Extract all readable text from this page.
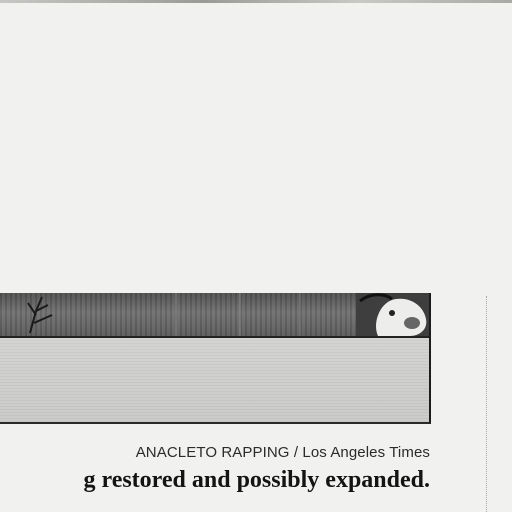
ANACLETO RAPPING / Los Angeles Times
g restored and possibly expanded.
